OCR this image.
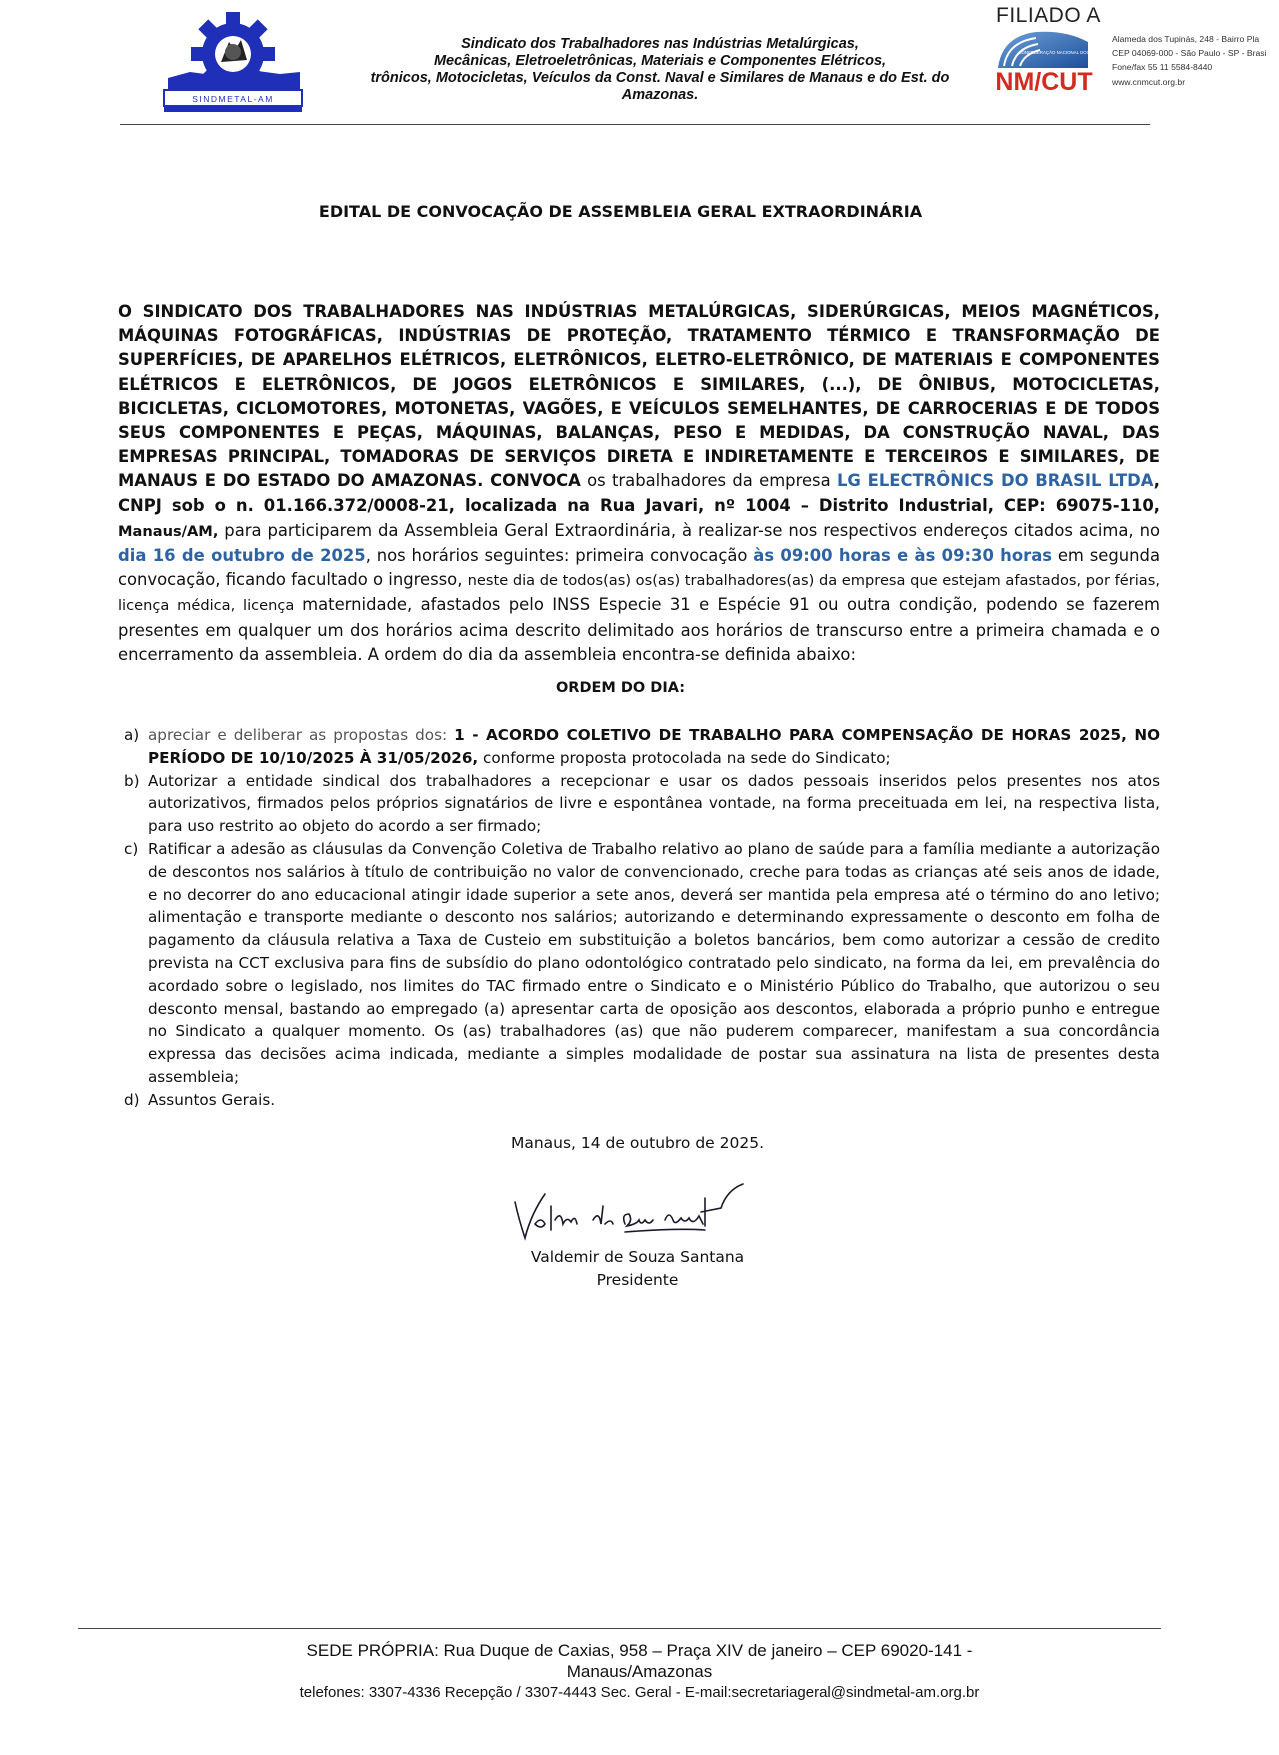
SINDMETAL-AM
Sindicato dos Trabalhadores nas Indústrias Metalúrgicas,
Mecânicas, Eletroeletrônicas, Materiais e Componentes Elétricos,
trônicos, Motocicletas, Veículos da Const. Naval e Similares de Manaus e do Est. do
Amazonas.
FILIADO A
CONFEDERAÇÃO NACIONAL DOS METALÚRGICOS
NM/CUT
Alameda dos Tupinás, 248 - Bairro Pla
CEP 04069-000 - São Paulo - SP - Brasi
Fone/fax 55 11 5584-8440
www.cnmcut.org.br
EDITAL DE CONVOCAÇÃO DE ASSEMBLEIA GERAL EXTRAORDINÁRIA
O SINDICATO DOS TRABALHADORES NAS INDÚSTRIAS METALÚRGICAS, SIDERÚRGICAS, MEIOS MAGNÉTICOS, MÁQUINAS FOTOGRÁFICAS, INDÚSTRIAS DE PROTEÇÃO, TRATAMENTO TÉRMICO E TRANSFORMAÇÃO DE SUPERFÍCIES, DE APARELHOS ELÉTRICOS, ELETRÔNICOS, ELETRO-ELETRÔNICO, DE MATERIAIS E COMPONENTES ELÉTRICOS E ELETRÔNICOS, DE JOGOS ELETRÔNICOS E SIMILARES, (...), DE ÔNIBUS, MOTOCICLETAS, BICICLETAS, CICLOMOTORES, MOTONETAS, VAGÕES, E VEÍCULOS SEMELHANTES, DE CARROCERIAS E DE TODOS SEUS COMPONENTES E PEÇAS, MÁQUINAS, BALANÇAS, PESO E MEDIDAS, DA CONSTRUÇÃO NAVAL, DAS EMPRESAS PRINCIPAL, TOMADORAS DE SERVIÇOS DIRETA E INDIRETAMENTE E TERCEIROS E SIMILARES, DE MANAUS E DO ESTADO DO AMAZONAS. CONVOCA os trabalhadores da empresa LG ELECTRÔNICS DO BRASIL LTDA, CNPJ sob o n. 01.166.372/0008-21, localizada na Rua Javari, nº 1004 – Distrito Industrial, CEP: 69075-110, Manaus/AM, para participarem da Assembleia Geral Extraordinária, à realizar-se nos respectivos endereços citados acima, no dia 16 de outubro de 2025, nos horários seguintes: primeira convocação às 09:00 horas e às 09:30 horas em segunda convocação, ficando facultado o ingresso, neste dia de todos(as) os(as) trabalhadores(as) da empresa que estejam afastados, por férias, licença médica, licença maternidade, afastados pelo INSS Especie 31 e Espécie 91 ou outra condição, podendo se fazerem presentes em qualquer um dos horários acima descrito delimitado aos horários de transcurso entre a primeira chamada e o encerramento da assembleia. A ordem do dia da assembleia encontra-se definida abaixo:
ORDEM DO DIA:
a) apreciar e deliberar as propostas dos: 1 - ACORDO COLETIVO DE TRABALHO PARA COMPENSAÇÃO DE HORAS 2025, NO PERÍODO DE 10/10/2025 À 31/05/2026, conforme proposta protocolada na sede do Sindicato;
b) Autorizar a entidade sindical dos trabalhadores a recepcionar e usar os dados pessoais inseridos pelos presentes nos atos autorizativos, firmados pelos próprios signatários de livre e espontânea vontade, na forma preceituada em lei, na respectiva lista, para uso restrito ao objeto do acordo a ser firmado;
c) Ratificar a adesão as cláusulas da Convenção Coletiva de Trabalho relativo ao plano de saúde para a família mediante a autorização de descontos nos salários à título de contribuição no valor de convencionado, creche para todas as crianças até seis anos de idade, e no decorrer do ano educacional atingir idade superior a sete anos, deverá ser mantida pela empresa até o término do ano letivo; alimentação e transporte mediante o desconto nos salários; autorizando e determinando expressamente o desconto em folha de pagamento da cláusula relativa a Taxa de Custeio em substituição a boletos bancários, bem como autorizar a cessão de credito prevista na CCT exclusiva para fins de subsídio do plano odontológico contratado pelo sindicato, na forma da lei, em prevalência do acordado sobre o legislado, nos limites do TAC firmado entre o Sindicato e o Ministério Público do Trabalho, que autorizou o seu desconto mensal, bastando ao empregado (a) apresentar carta de oposição aos descontos, elaborada a próprio punho e entregue no Sindicato a qualquer momento. Os (as) trabalhadores (as) que não puderem comparecer, manifestam a sua concordância expressa das decisões acima indicada, mediante a simples modalidade de postar sua assinatura na lista de presentes desta assembleia;
d) Assuntos Gerais.
Manaus, 14 de outubro de 2025.
Valdemir de Souza Santana
Valdemir de Souza Santana
Presidente
SEDE PRÓPRIA: Rua Duque de Caxias, 958 – Praça XIV de janeiro – CEP 69020-141 -
Manaus/Amazonas
telefones: 3307-4336 Recepção / 3307-4443 Sec. Geral - E-mail:secretariageral@sindmetal-am.org.br
